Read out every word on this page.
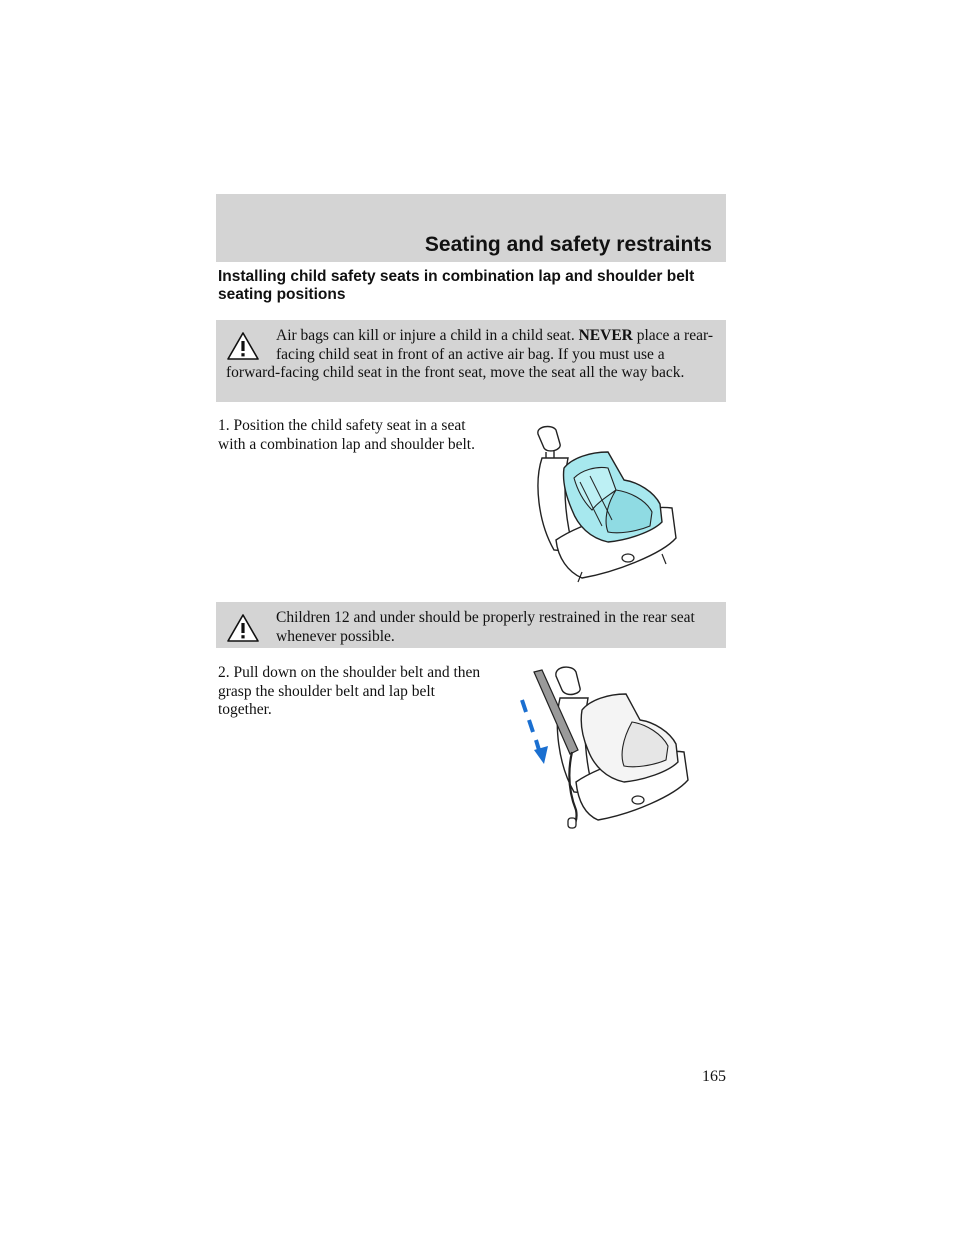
Seating and safety restraints
Installing child safety seats in combination lap and shoulder belt seating positions

Air bags can kill or injure a child in a child seat. NEVER place a rear-facing child seat in front of an active air bag. If you must use a forward-facing child seat in the front seat, move the seat all the way back.

1. Position the child safety seat in a seat with a combination lap and shoulder belt.

Children 12 and under should be properly restrained in the rear seat whenever possible.

2. Pull down on the shoulder belt and then grasp the shoulder belt and lap belt together.

165
